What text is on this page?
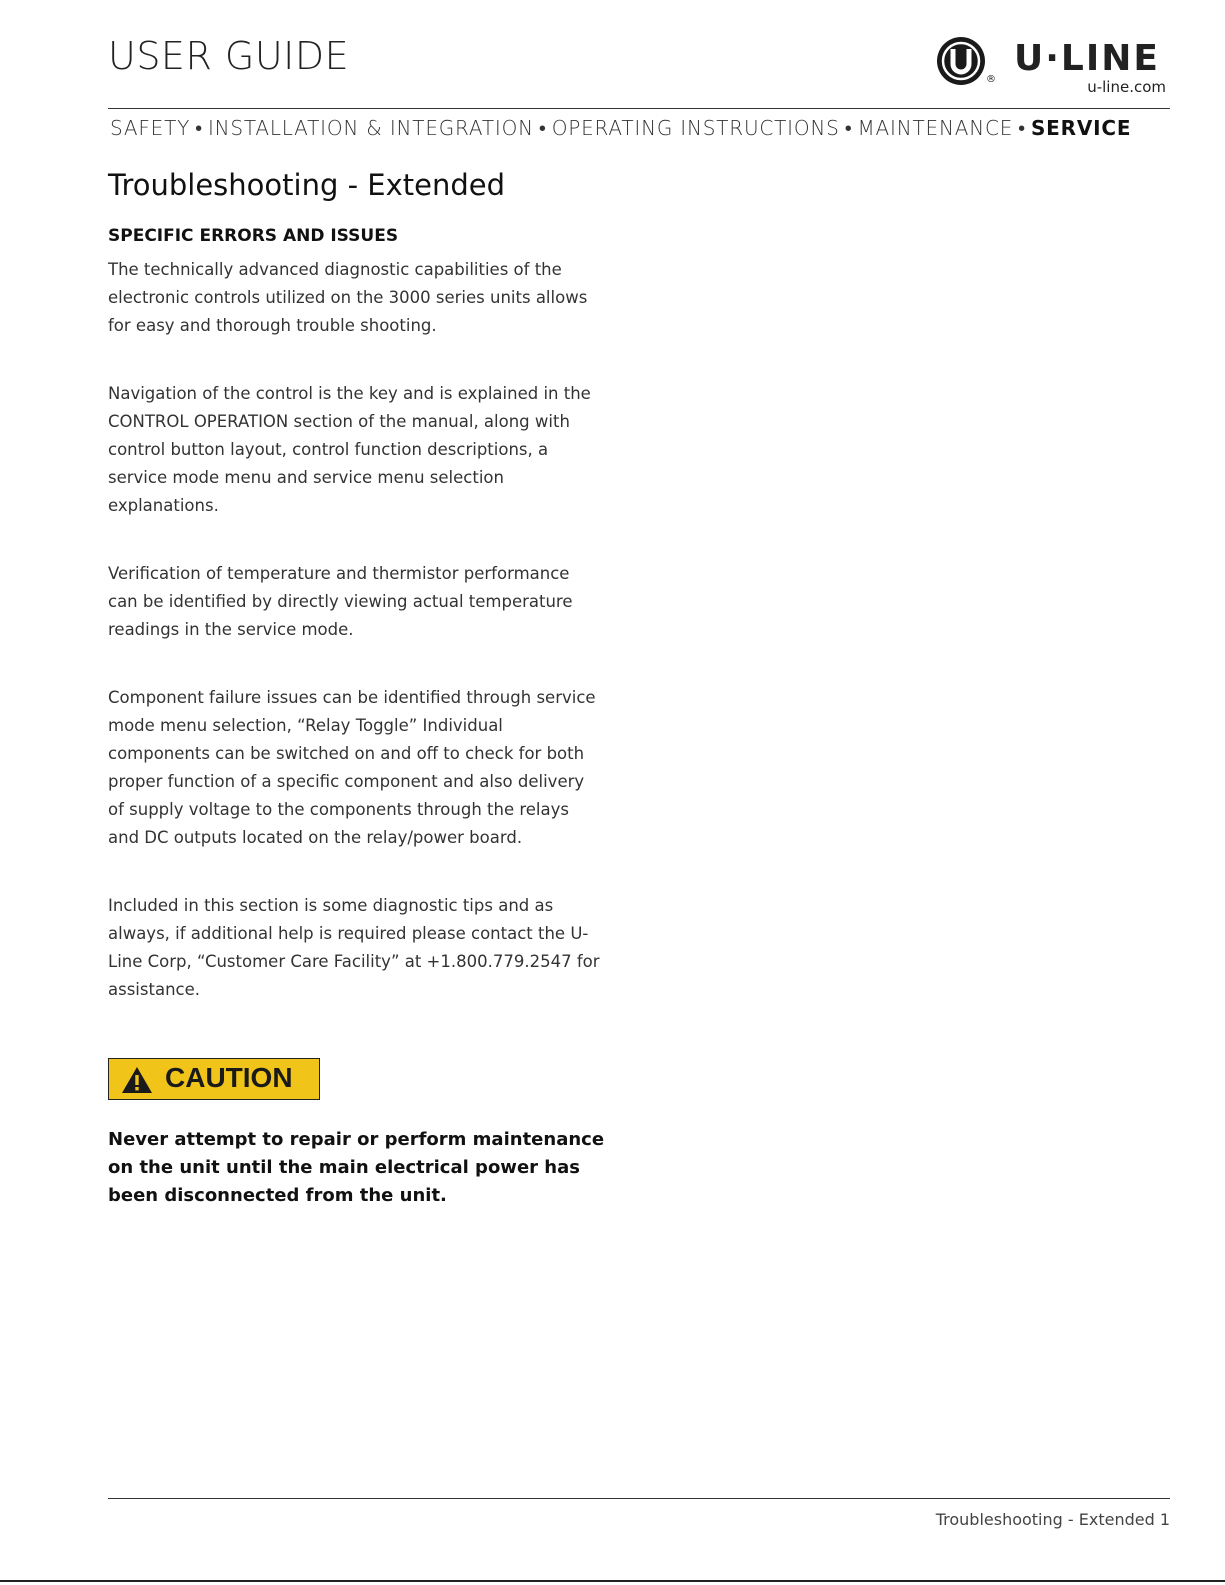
USER GUIDE
®
U·LINE
u-line.com
SAFETY • INSTALLATION & INTEGRATION • OPERATING INSTRUCTIONS • MAINTENANCE • SERVICE
Troubleshooting - Extended
SPECIFIC ERRORS AND ISSUES

The technically advanced diagnostic capabilities of the electronic controls utilized on the 3000 series units allows for easy and thorough trouble shooting.

Navigation of the control is the key and is explained in the CONTROL OPERATION section of the manual, along with control button layout, control function descriptions, a service mode menu and service menu selection explanations.

Verification of temperature and thermistor performance can be identified by directly viewing actual temperature readings in the service mode.

Component failure issues can be identified through service mode menu selection, “Relay Toggle” Individual components can be switched on and off to check for both proper function of a specific component and also delivery of supply voltage to the components through the relays and DC outputs located on the relay/power board.

Included in this section is some diagnostic tips and as always, if additional help is required please contact the U-Line Corp, “Customer Care Facility” at +1.800.779.2547 for assistance.

CAUTION

Never attempt to repair or perform maintenance on the unit until the main electrical power has been disconnected from the unit.

Troubleshooting - Extended 1
